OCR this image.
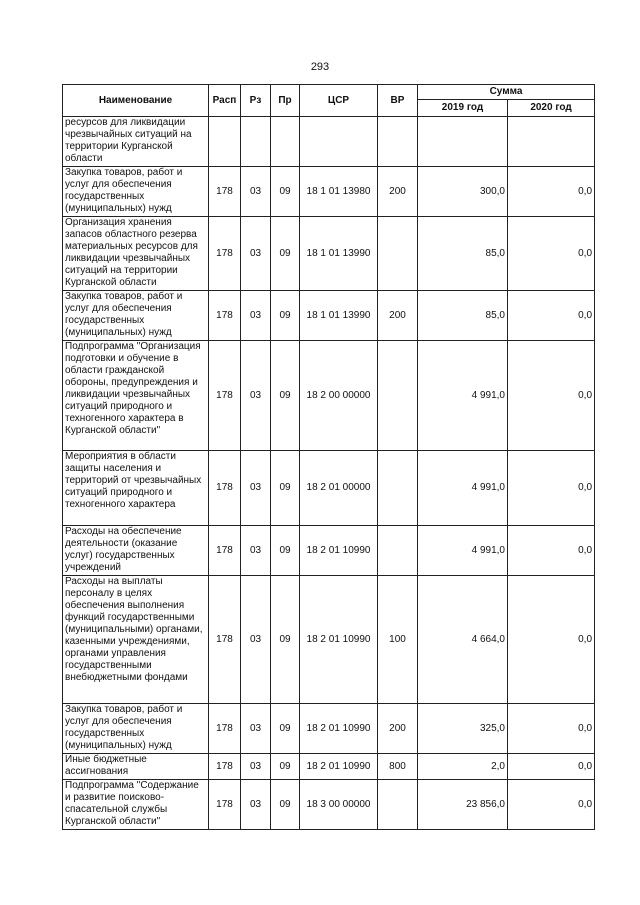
293
Наименование	Расп	Рз	Пр	ЦСР	ВР	Сумма	
						2019 год	2020 год
ресурсов для ликвидации чрезвычайных ситуаций на территории Курганской области							
Закупка товаров, работ и услуг для обеспечения государственных (муниципальных) нужд	178	03	09	18 1 01 13980	200	300,0	0,0
Организация хранения запасов областного резерва материальных ресурсов для ликвидации чрезвычайных ситуаций на территории Курганской области	178	03	09	18 1 01 13990		85,0	0,0
Закупка товаров, работ и услуг для обеспечения государственных (муниципальных) нужд	178	03	09	18 1 01 13990	200	85,0	0,0
Подпрограмма "Организация подготовки и обучение в области гражданской обороны, предупреждения и ликвидации чрезвычайных ситуаций природного и техногенного характера в Курганской области"	178	03	09	18 2 00 00000		4 991,0	0,0
Мероприятия в области защиты населения и территорий от чрезвычайных ситуаций природного и техногенного характера	178	03	09	18 2 01 00000		4 991,0	0,0
Расходы на обеспечение деятельности (оказание услуг) государственных учреждений	178	03	09	18 2 01 10990		4 991,0	0,0
Расходы на выплаты персоналу в целях обеспечения выполнения функций государственными (муниципальными) органами, казенными учреждениями, органами управления государственными внебюджетными фондами	178	03	09	18 2 01 10990	100	4 664,0	0,0
Закупка товаров, работ и услуг для обеспечения государственных (муниципальных) нужд	178	03	09	18 2 01 10990	200	325,0	0,0
Иные бюджетные ассигнования	178	03	09	18 2 01 10990	800	2,0	0,0
Подпрограмма "Содержание и развитие поисково-спасательной службы Курганской области"	178	03	09	18 3 00 00000		23 856,0	0,0
